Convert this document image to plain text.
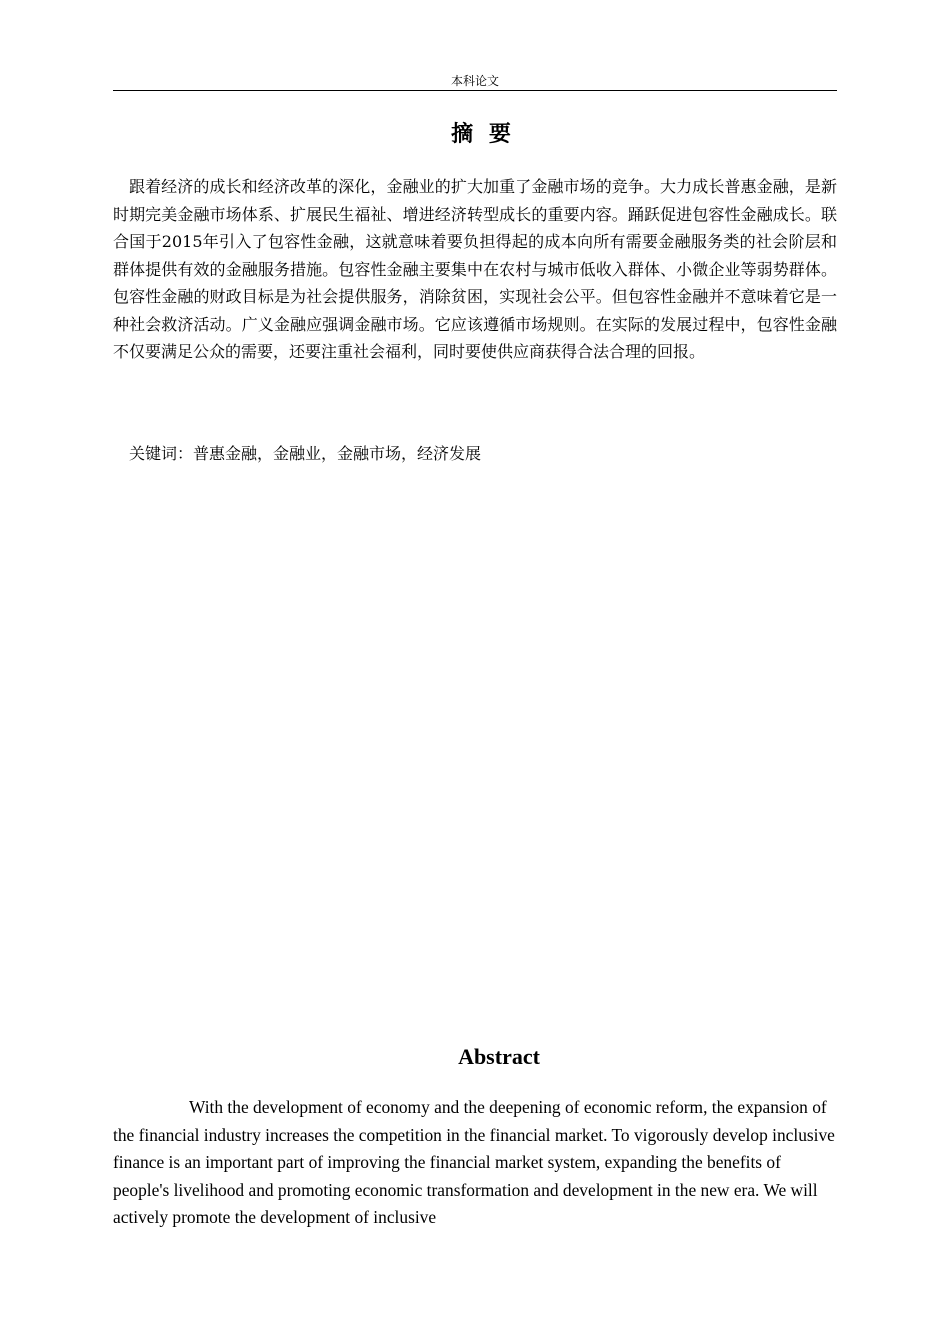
本科论文
摘 要

跟着经济的成长和经济改革的深化，金融业的扩大加重了金融市场的竞争。大力成长普惠金融，是新时期完美金融市场体系、扩展民生福祉、增进经济转型成长的重要内容。踊跃促进包容性金融成长。联合国于2015年引入了包容性金融，这就意味着要负担得起的成本向所有需要金融服务类的社会阶层和群体提供有效的金融服务措施。包容性金融主要集中在农村与城市低收入群体、小微企业等弱势群体。包容性金融的财政目标是为社会提供服务，消除贫困，实现社会公平。但包容性金融并不意味着它是一种社会救济活动。广义金融应强调金融市场。它应该遵循市场规则。在实际的发展过程中，包容性金融不仅要满足公众的需要，还要注重社会福利，同时要使供应商获得合法合理的回报。

关键词：普惠金融，金融业，金融市场，经济发展
Abstract

With the development of economy and the deepening of economic reform, the expansion of the financial industry increases the competition in the financial market. To vigorously develop inclusive finance is an important part of improving the financial market system, expanding the benefits of people's livelihood and promoting economic transformation and development in the new era. We will actively promote the development of inclusive
